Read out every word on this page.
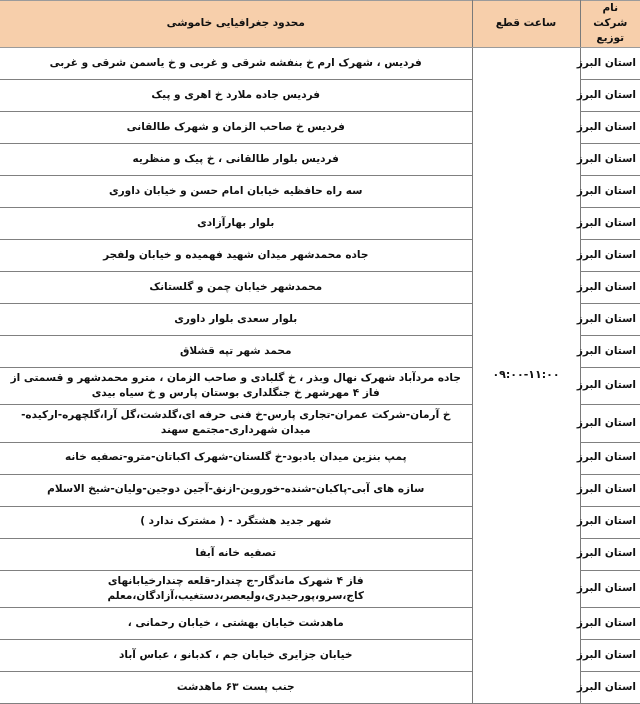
نام شرکت توزیع	ساعت قطع	محدود جغرافیایی خاموشی
استان البرز	۰۹:۰۰-۱۱:۰۰	فردیس ، شهرک ارم خ بنفشه شرقی و غربی و خ یاسمن شرقی و غربی
استان البرز		فردیس جاده ملارد خ اهری و پیک
استان البرز		فردیس خ صاحب الزمان و شهرک طالقانی
استان البرز		فردیس بلوار طالقانی ، خ پیک و منظریه
استان البرز		سه راه حافظیه خیابان امام حسن و خیابان داوری
استان البرز		بلوار بهارآزادی
استان البرز		جاده محمدشهر میدان شهید فهمیده و خیابان ولفجر
استان البرز		محمدشهر خیابان چمن و گلستانک
استان البرز		بلوار سعدی بلوار داوری
استان البرز		محمد شهر تپه قشلاق
استان البرز		جاده مردآباد شهرک نهال وبذر ، خ گلبادی و صاحب الزمان ، مترو محمدشهر و قسمتی از فاز ۴ مهرشهر خ جنگلداری بوستان پارس و خ سیاه بیدی
استان البرز		خ آرمان-شرکت عمران-تجاری پارس-خ فنی حرفه ای،گلدشت،گل آرا،گلچهره-ارکیده-میدان شهرداری-مجتمع سهند
استان البرز		پمپ بنزین میدان یادبود-خ گلستان-شهرک اکباتان-مترو-تصفیه خانه
استان البرز		سازه های آبی-پاکبان-شنده-خوروین-ازنق-آجین دوجین-ولیان-شیخ الاسلام
استان البرز		شهر جدید هشتگرد - ( مشترک ندارد )
استان البرز		تصفیه خانه آبفا
استان البرز		فاز ۴ شهرک ماندگار-ج چندار-قلعه چندارخیابانهای کاج،سرو،پورحیدری،ولیعصر،دستغیب،آزادگان،معلم
استان البرز		ماهدشت خیابان بهشتی ، خیابان رحمانی ،
استان البرز		خیابان جزایری خیابان جم ، کدبانو ، عباس آباد
استان البرز		جنب پست ۶۳ ماهدشت
